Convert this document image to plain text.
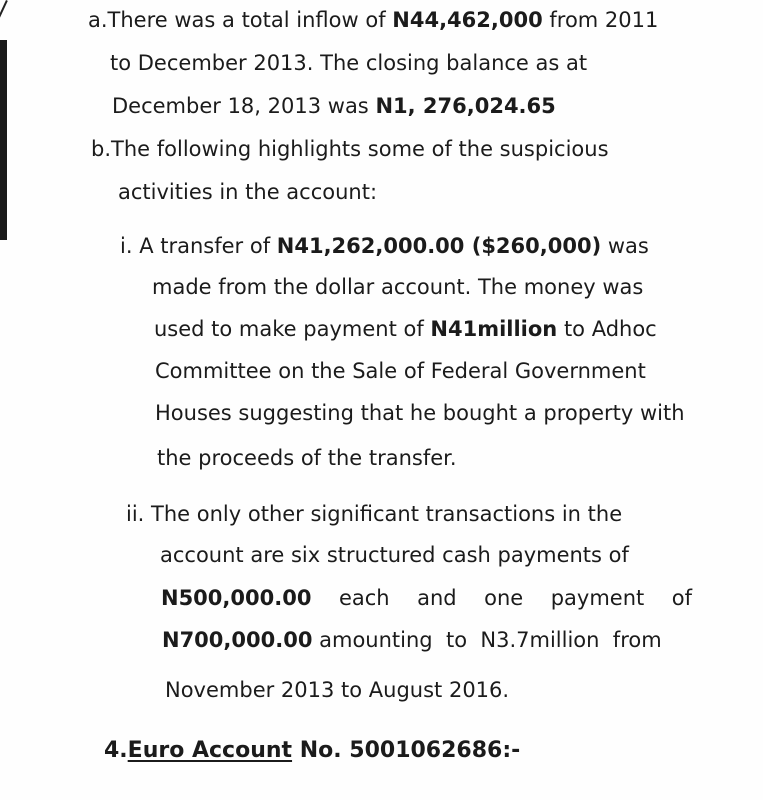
a.There was a total inflow of N44,462,000 from 2011
to December 2013. The closing balance as at
December 18, 2013 was N1, 276,024.65
b.The following highlights some of the suspicious
activities in the account:
i. A transfer of N41,262,000.00 ($260,000) was
made from the dollar account. The money was
used to make payment of N41million to Adhoc
Committee on the Sale of Federal Government
Houses suggesting that he bought a property with
the proceeds of the transfer.
ii. The only other significant transactions in the
account are six structured cash payments of
N500,000.00 each and one payment of
N700,000.00 amounting  to  N3.7million  from
November 2013 to August 2016.
4.Euro Account No. 5001062686:-
